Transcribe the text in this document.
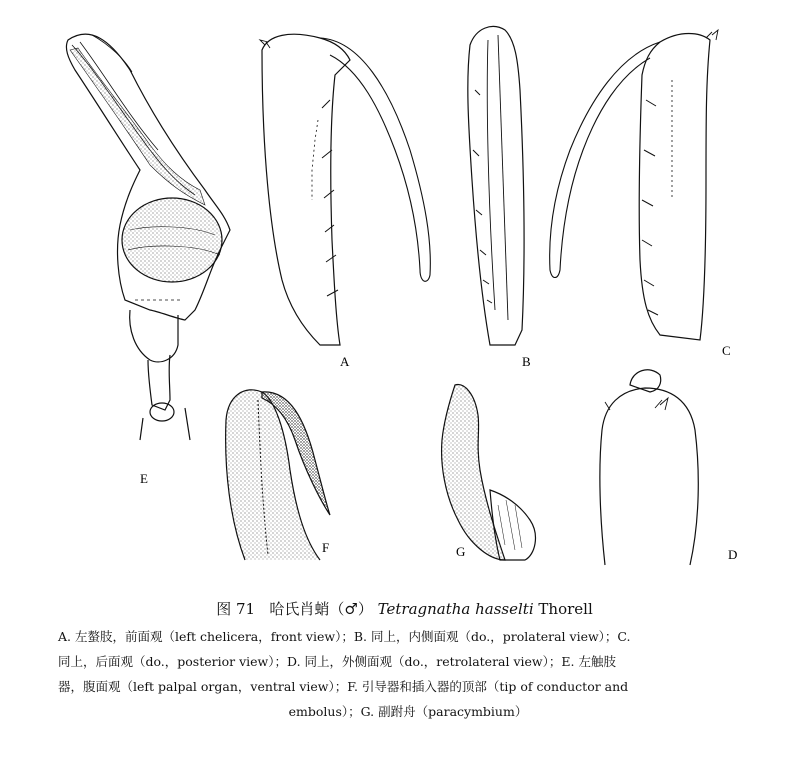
A	B
C
E
F	G	D
图 71 哈氏肖蛸（♂） Tetragnatha hasselti Thorell
A. 左螯肢，前面观（left chelicera，front view）；B. 同上，内侧面观（do.，prolateral view）；C.
同上，后面观（do.，posterior view）；D. 同上，外侧面观（do.，retrolateral view）；E. 左触肢
器，腹面观（left palpal organ，ventral view）；F. 引导器和插入器的顶部（tip of conductor and
embolus）；G. 副跗舟（paracymbium）
